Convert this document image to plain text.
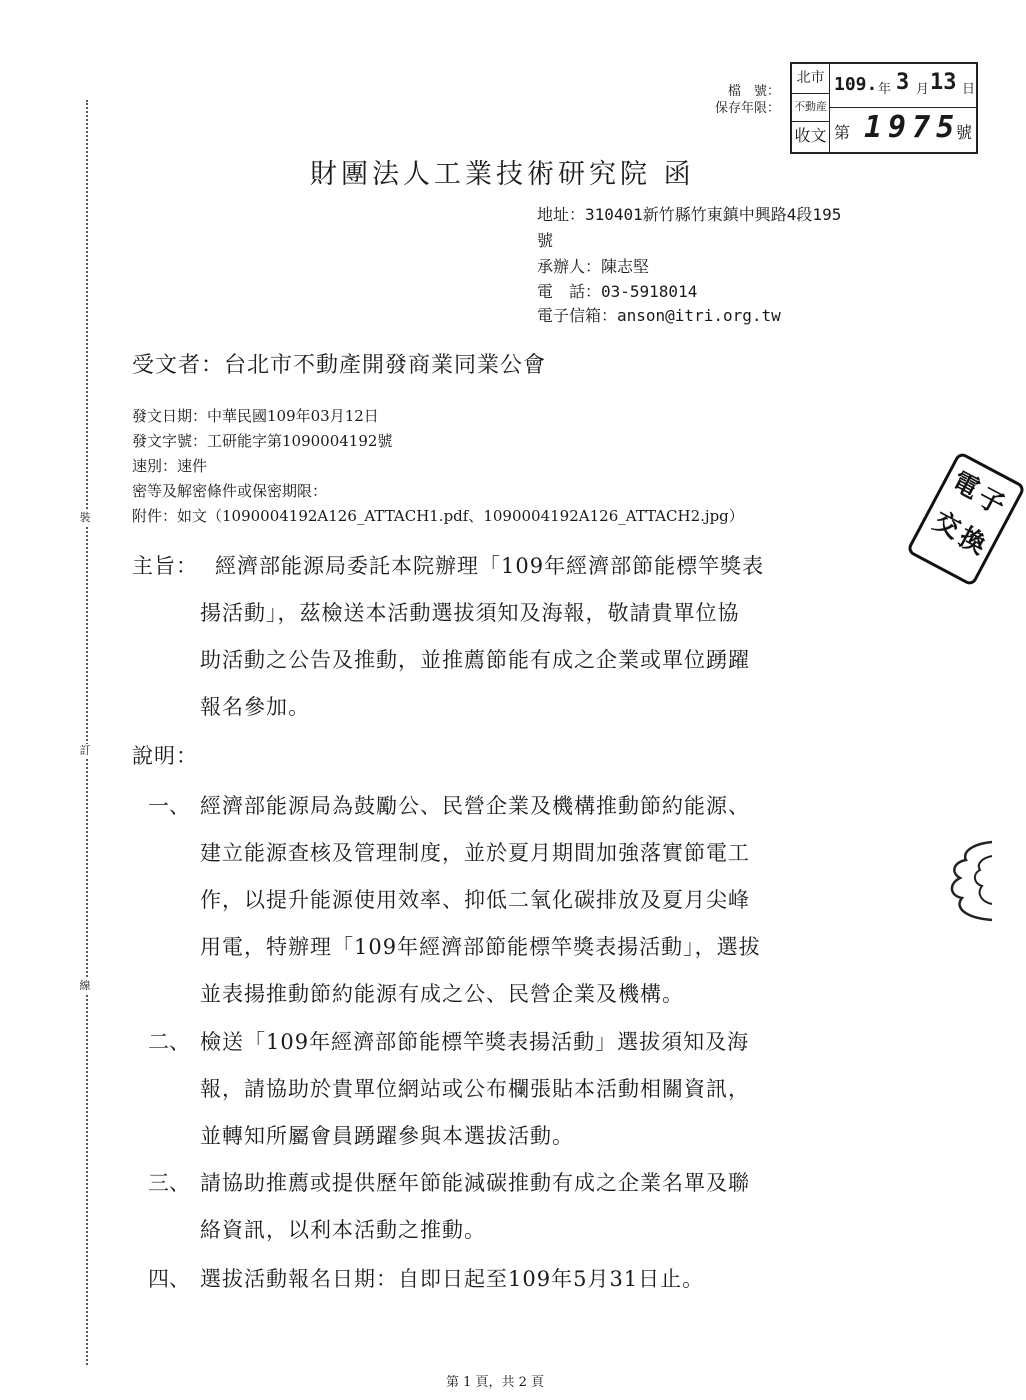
裝
訂
線
檔　號：
保存年限：
北市
不動産
收文
109. 年 3 月 13 日
第 1975
號
財團法人工業技術研究院 函
地址：310401新竹縣竹東鎮中興路4段195
號
承辦人：陳志堅
電　話：03-5918014
電子信箱：anson@itri.org.tw
受文者：台北市不動產開發商業同業公會
發文日期：中華民國109年03月12日
發文字號：工研能字第1090004192號
速別：速件
密等及解密條件或保密期限：
附件：如文（1090004192A126_ATTACH1.pdf、1090004192A126_ATTACH2.jpg）
主旨： 經濟部能源局委託本院辦理「109年經濟部節能標竿獎表
揚活動」，茲檢送本活動選拔須知及海報，敬請貴單位協
助活動之公告及推動，並推薦節能有成之企業或單位踴躍
報名參加。
說明：
一、 經濟部能源局為鼓勵公、民營企業及機構推動節約能源、
建立能源查核及管理制度，並於夏月期間加強落實節電工
作，以提升能源使用效率、抑低二氧化碳排放及夏月尖峰
用電，特辦理「109年經濟部節能標竿獎表揚活動」，選拔
並表揚推動節約能源有成之公、民營企業及機構。
二、 檢送「109年經濟部節能標竿獎表揚活動」選拔須知及海
報，請協助於貴單位網站或公布欄張貼本活動相關資訊，
並轉知所屬會員踴躍參與本選拔活動。
三、 請協助推薦或提供歷年節能減碳推動有成之企業名單及聯
絡資訊，以利本活動之推動。
四、 選拔活動報名日期：自即日起至109年5月31日止。
電
子
交
換
第 1 頁，共 2 頁
